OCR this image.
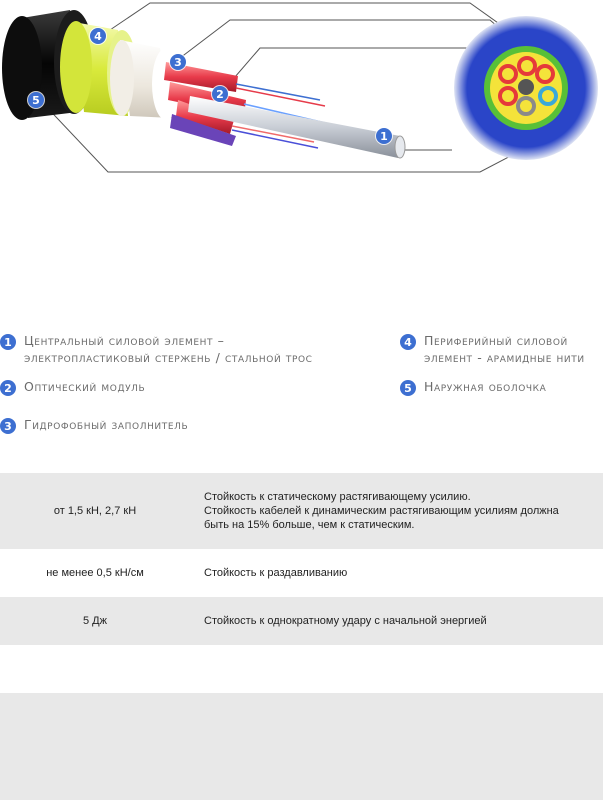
4
3
2
1
5
1 Центральный силовой элемент –
электропластиковый стержень / стальной трос
2 Оптический модуль
3 Гидрофобный заполнитель
4 Периферийный силовой
элемент - арамидные нити
5 Наружная оболочка
от 1,5 кН, 2,7 кН
Стойкость к статическому растягивающему усилию.
Стойкость кабелей к динамическим растягивающим усилиям должна
быть на 15% больше, чем к статическим.
не менее 0,5 кН/см	Стойкость к раздавливанию
5 Дж	Стойкость к однократному удару с начальной энергией
